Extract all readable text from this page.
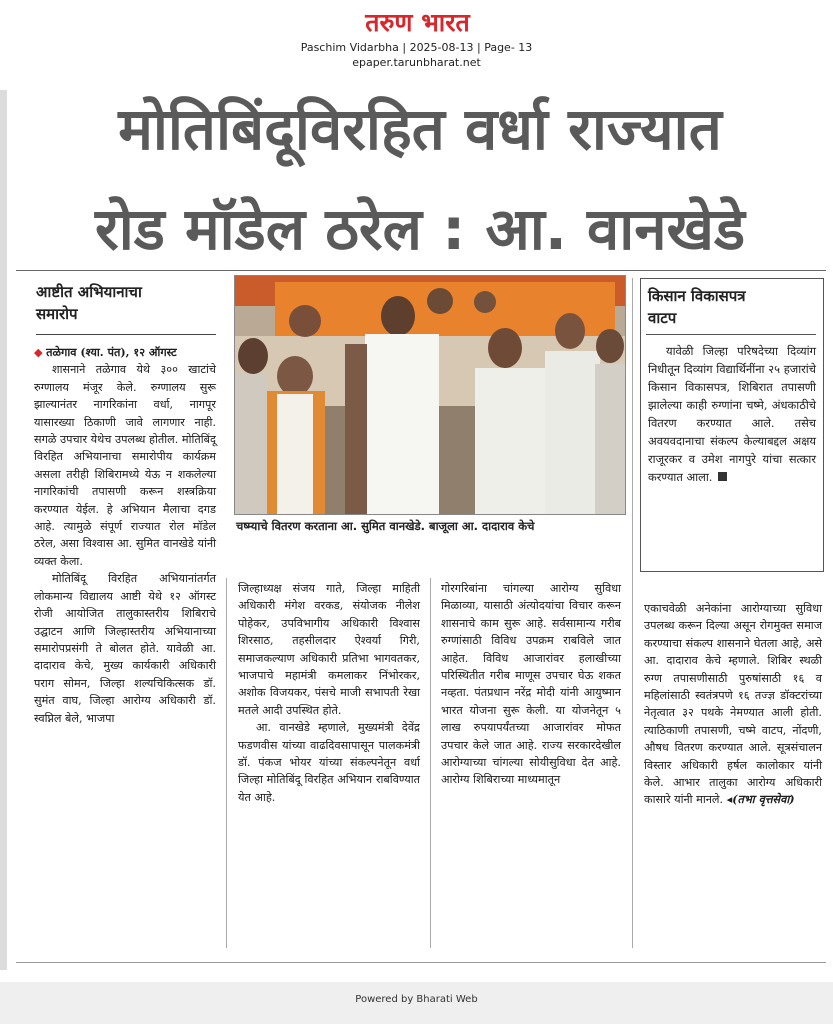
तरुण भारत
Paschim Vidarbha | 2025-08-13 | Page- 13
epaper.tarunbharat.net
मोतिबिंदूविरहित वर्धा राज्यात
रोड मॉडेल ठरेल : आ. वानखेडे
आष्टीत अभियानाचा
समारोप

◆ तळेगाव (श्या. पंत), १२ ऑगस्ट

शासनाने तळेगाव येथे ३०० खाटांचे रुग्णालय मंजूर केले. रुग्णालय सुरू झाल्यानंतर नागरिकांना वर्धा, नागपूर यासारख्या ठिकाणी जावे लागणार नाही. सगळे उपचार येथेच उपलब्ध होतील. मोतिबिंदू विरहित अभियानाचा समारोपीय कार्यक्रम असला तरीही शिबिरामध्ये येऊ न शकलेल्या नागरिकांची तपासणी करून शस्त्रक्रिया करण्यात येईल. हे अभियान मैलाचा दगड आहे. त्यामुळे संपूर्ण राज्यात रोल मॉडेल ठरेल, असा विश्वास आ. सुमित वानखेडे यांनी व्यक्त केला.

मोतिबिंदू विरहित अभियानांतर्गत लोकमान्य विद्यालय आष्टी येथे १२ ऑगस्ट रोजी आयोजित तालुकास्तरीय शिबिराचे उद्घाटन आणि जिल्हास्तरीय अभियानाच्या समारोपप्रसंगी ते बोलत होते. यावेळी आ. दादाराव केचे, मुख्य कार्यकारी अधिकारी पराग सोमन, जिल्हा शल्यचिकित्सक डॉ. सुमंत वाघ, जिल्हा आरोग्य अधिकारी डॉ. स्वप्निल बेले, भाजपा

चष्म्याचे वितरण करताना आ. सुमित वानखेडे. बाजूला आ. दादाराव केचे
किसान विकासपत्र
वाटप

यावेळी जिल्हा परिषदेच्या दिव्यांग निधीतून दिव्यांग विद्यार्थिनींना २५ हजारांचे किसान विकासपत्र, शिबिरात तपासणी झालेल्या काही रुग्णांना चष्मे, अंधकाठीचे वितरण करण्यात आले. तसेच अवयवदानाचा संकल्प केल्याबद्दल अक्षय राजूरकर व उमेश नागपुरे यांचा सत्कार करण्यात आला.

जिल्हाध्यक्ष संजय गाते, जिल्हा माहिती अधिकारी मंगेश वरकड, संयोजक नीलेश पोहेकर, उपविभागीय अधिकारी विश्वास शिरसाठ, तहसीलदार ऐश्वर्या गिरी, समाजकल्याण अधिकारी प्रतिभा भागवतकर, भाजपाचे महामंत्री कमलाकर निंभोरकर, अशोक विजयकर, पंसचे माजी सभापती रेखा मतले आदी उपस्थित होते.

आ. वानखेडे म्हणाले, मुख्यमंत्री देवेंद्र फडणवीस यांच्या वाढदिवसापासून पालकमंत्री डॉ. पंकज भोयर यांच्या संकल्पनेतून वर्धा जिल्हा मोतिबिंदू विरहित अभियान राबविण्यात येत आहे.

गोरगरिबांना चांगल्या आरोग्य सुविधा मिळाव्या, यासाठी अंत्योदयांचा विचार करून शासनाचे काम सुरू आहे. सर्वसामान्य गरीब रुग्णांसाठी विविध उपक्रम राबविले जात आहेत. विविध आजारांवर हलाखीच्या परिस्थितीत गरीब माणूस उपचार घेऊ शकत नव्हता. पंतप्रधान नरेंद्र मोदी यांनी आयुष्मान भारत योजना सुरू केली. या योजनेतून ५ लाख रुपयापर्यंतच्या आजारांवर मोफत उपचार केले जात आहे. राज्य सरकारदेखील आरोग्याच्या चांगल्या सोयीसुविधा देत आहे. आरोग्य शिबिराच्या माध्यमातून

एकाचवेळी अनेकांना आरोग्याच्या सुविधा उपलब्ध करून दिल्या असून रोगमुक्त समाज करण्याचा संकल्प शासनाने घेतला आहे, असे आ. दादाराव केचे म्हणाले. शिबिर स्थळी रुग्ण तपासणीसाठी पुरुषांसाठी १६ व महिलांसाठी स्वतंत्रपणे १६ तज्ज्ञ डॉक्टरांच्या नेतृत्वात ३२ पथके नेमण्यात आली होती. त्याठिकाणी तपासणी, चष्मे वाटप, नोंदणी, औषध वितरण करण्यात आले. सूत्रसंचालन विस्तार अधिकारी हर्षल कालोकार यांनी केले. आभार तालुका आरोग्य अधिकारी कासारे यांनी मानले. ◂(तभा वृत्तसेवा)

Powered by Bharati Web
